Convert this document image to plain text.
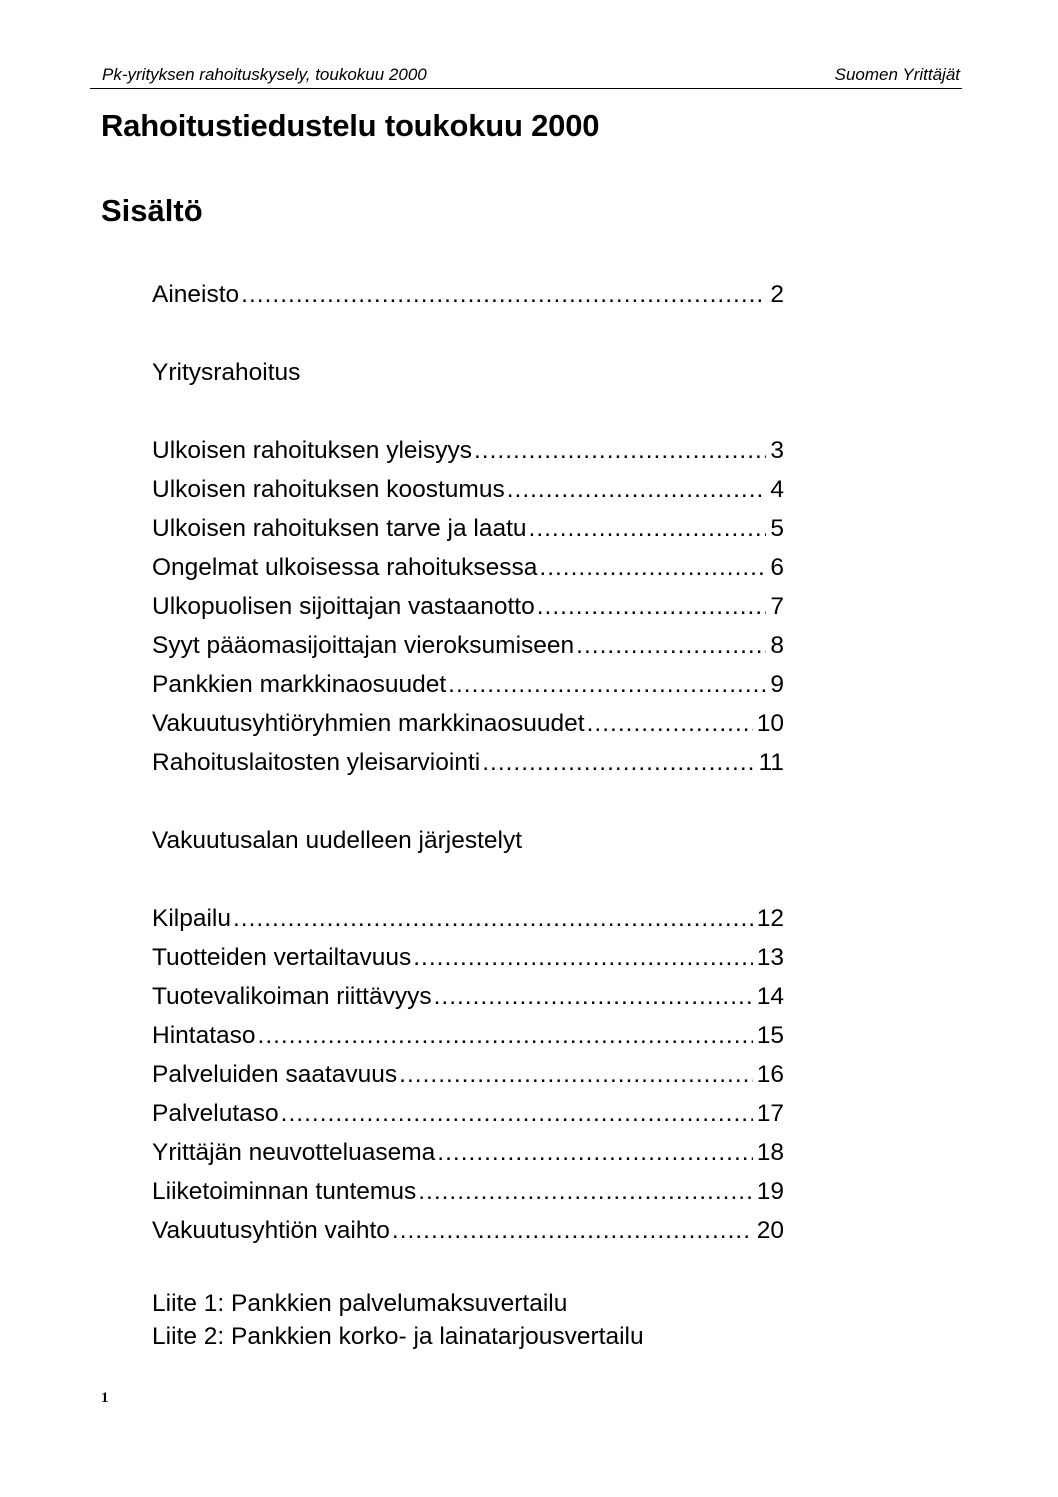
Pk-yrityksen rahoituskysely, toukokuu 2000	Suomen Yrittäjät
Rahoitustiedustelu toukokuu 2000
Sisältö
Aineisto .....	2
Yritysrahoitus
Ulkoisen rahoituksen yleisyys .....	3
Ulkoisen rahoituksen koostumus .....	4
Ulkoisen rahoituksen tarve ja laatu .....	5
Ongelmat ulkoisessa rahoituksessa .....	6
Ulkopuolisen sijoittajan vastaanotto .....	7
Syyt pääomasijoittajan vieroksumiseen .....	8
Pankkien markkinaosuudet .....	9
Vakuutusyhtiöryhmien markkinaosuudet .....	10
Rahoituslaitosten yleisarviointi .....	11
Vakuutusalan uudelleen järjestelyt
Kilpailu .....	12
Tuotteiden vertailtavuus .....	13
Tuotevalikoiman riittävyys .....	14
Hintataso .....	15
Palveluiden saatavuus .....	16
Palvelutaso .....	17
Yrittäjän neuvotteluasema .....	18
Liiketoiminnan tuntemus .....	19
Vakuutusyhtiön vaihto .....	20
Liite 1: Pankkien palvelumaksuvertailu
Liite 2: Pankkien korko- ja lainatarjousvertailu
1
